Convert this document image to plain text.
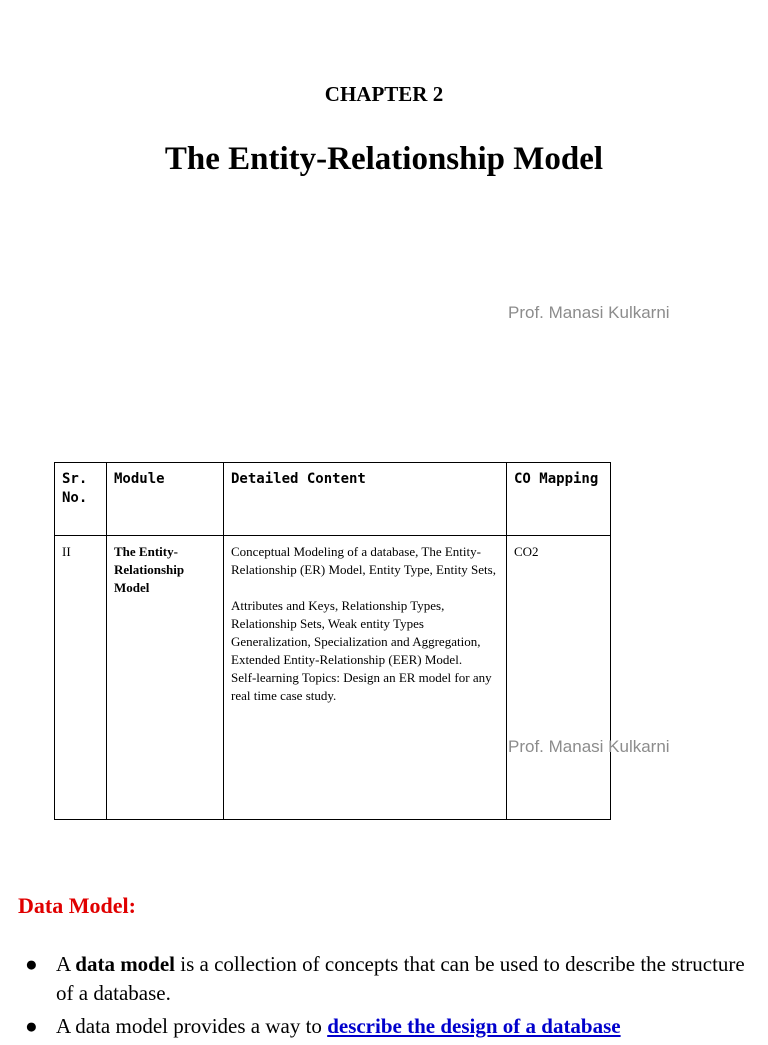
CHAPTER 2
The Entity-Relationship Model
Prof. Manasi Kulkarni
Sr. No.	Module	Detailed Content	CO Mapping
II	The Entity-Relationship Model	Conceptual Modeling of a database, The Entity-Relationship (ER) Model, Entity Type, Entity Sets,
Attributes and Keys, Relationship Types, Relationship Sets, Weak entity Types Generalization, Specialization and Aggregation,
Extended Entity-Relationship (EER) Model.
Self-learning Topics: Design an ER model for any
real time case study.	CO2
Prof. Manasi Kulkarni
Data Model:
● A data model is a collection of concepts that can be used to describe the structure of a database.
● A data model provides a way to describe the design of a database
